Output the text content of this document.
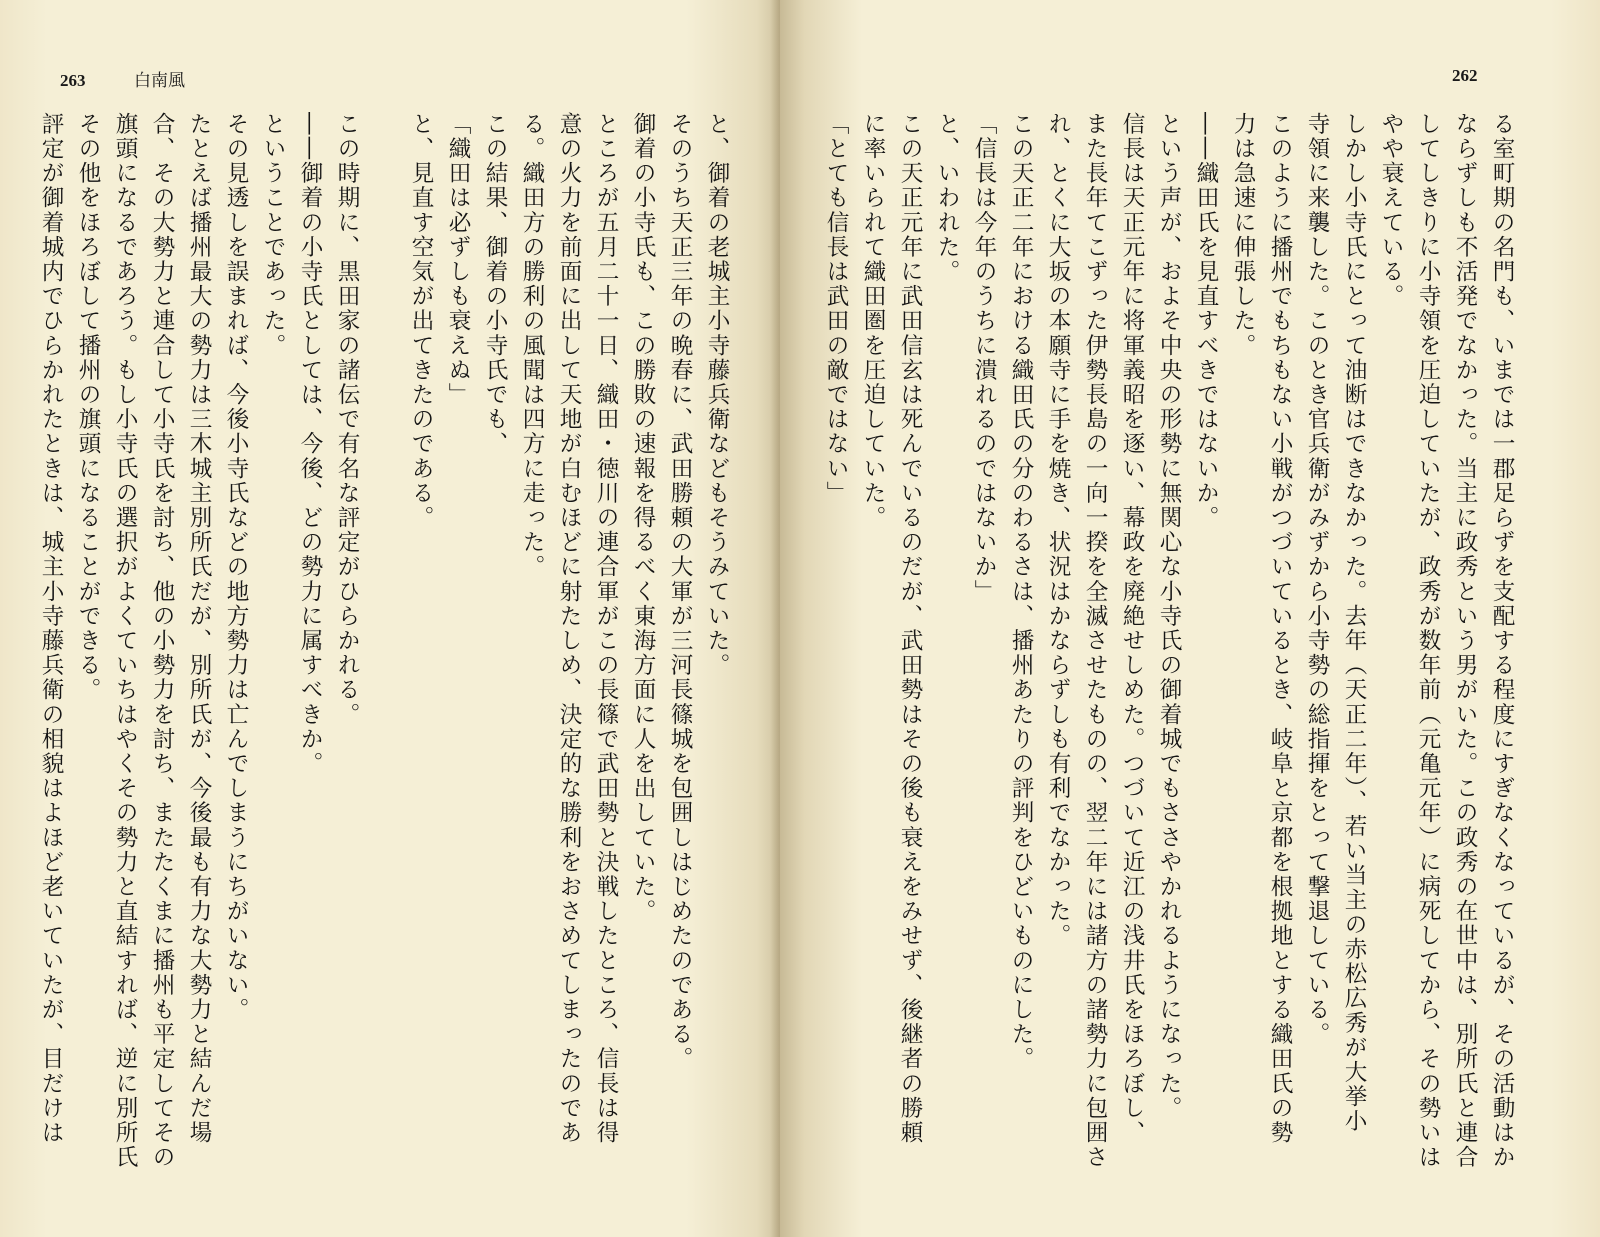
263	白南風	262

と、御着の老城主小寺藤兵衛などもそうみていた。

そのうち天正三年の晩春に、武田勝頼の大軍が三河長篠城を包囲しはじめたのである。

御着の小寺氏も、この勝敗の速報を得るべく東海方面に人を出していた。

ところが五月二十一日、織田・徳川の連合軍がこの長篠で武田勢と決戦したところ、信長は得

意の火力を前面に出して天地が白むほどに射たしめ、決定的な勝利をおさめてしまったのであ

る。織田方の勝利の風聞は四方に走った。

この結果、御着の小寺氏でも、

「織田は必ずしも衰えぬ」

と、見直す空気が出てきたのである。

この時期に、黒田家の諸伝で有名な評定がひらかれる。

――御着の小寺氏としては、今後、どの勢力に属すべきか。

ということであった。

その見透しを誤まれば、今後小寺氏などの地方勢力は亡んでしまうにちがいない。

たとえば播州最大の勢力は三木城主別所氏だが、別所氏が、今後最も有力な大勢力と結んだ場

合、その大勢力と連合して小寺氏を討ち、他の小勢力を討ち、またたくまに播州も平定してその

旗頭になるであろう。もし小寺氏の選択がよくていちはやくその勢力と直結すれば、逆に別所氏

その他をほろぼして播州の旗頭になることができる。

評定が御着城内でひらかれたときは、城主小寺藤兵衛の相貌はよほど老いていたが、目だけは	る室町期の名門も、いまでは一郡足らずを支配する程度にすぎなくなっているが、その活動はか

ならずしも不活発でなかった。当主に政秀という男がいた。この政秀の在世中は、別所氏と連合

してしきりに小寺領を圧迫していたが、政秀が数年前（元亀元年）に病死してから、その勢いは

やや衰えている。

しかし小寺氏にとって油断はできなかった。去年（天正二年）、若い当主の赤松広秀が大挙小

寺領に来襲した。このとき官兵衛がみずから小寺勢の総指揮をとって撃退している。

このように播州でもちもない小戦がつづいているとき、岐阜と京都を根拠地とする織田氏の勢

力は急速に伸張した。

――織田氏を見直すべきではないか。

という声が、およそ中央の形勢に無関心な小寺氏の御着城でもささやかれるようになった。

信長は天正元年に将軍義昭を逐い、幕政を廃絶せしめた。つづいて近江の浅井氏をほろぼし、

また長年てこずった伊勢長島の一向一揆を全滅させたものの、翌二年には諸方の諸勢力に包囲さ

れ、とくに大坂の本願寺に手を焼き、状況はかならずしも有利でなかった。

この天正二年における織田氏の分のわるさは、播州あたりの評判をひどいものにした。

「信長は今年のうちに潰れるのではないか」

と、いわれた。

この天正元年に武田信玄は死んでいるのだが、武田勢はその後も衰えをみせず、後継者の勝頼

に率いられて織田圏を圧迫していた。

「とても信長は武田の敵ではない」
